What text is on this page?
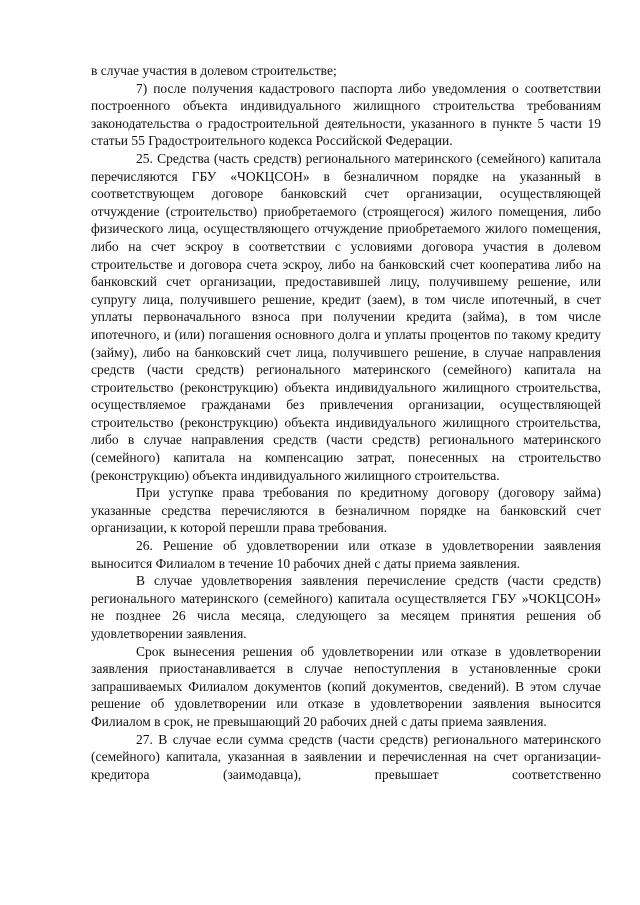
в случае участия в долевом строительстве;

7) после получения кадастрового паспорта либо уведомления о соответствии построенного объекта индивидуального жилищного строительства требованиям законодательства о градостроительной деятельности, указанного в пункте 5 части 19 статьи 55 Градостроительного кодекса Российской Федерации.

25. Средства (часть средств) регионального материнского (семейного) капитала перечисляются ГБУ «ЧОКЦСОН» в безналичном порядке на указанный в соответствующем договоре банковский счет организации, осуществляющей отчуждение (строительство) приобретаемого (строящегося) жилого помещения, либо физического лица, осуществляющего отчуждение приобретаемого жилого помещения, либо на счет эскроу в соответствии с условиями договора участия в долевом строительстве и договора счета эскроу, либо на банковский счет кооператива либо на банковский счет организации, предоставившей лицу, получившему решение, или супругу лица, получившего решение, кредит (заем), в том числе ипотечный, в счет уплаты первоначального взноса при получении кредита (займа), в том числе ипотечного, и (или) погашения основного долга и уплаты процентов по такому кредиту (займу), либо на банковский счет лица, получившего решение, в случае направления средств (части средств) регионального материнского (семейного) капитала на строительство (реконструкцию) объекта индивидуального жилищного строительства, осуществляемое гражданами без привлечения организации, осуществляющей строительство (реконструкцию) объекта индивидуального жилищного строительства, либо в случае направления средств (части средств) регионального материнского (семейного) капитала на компенсацию затрат, понесенных на строительство (реконструкцию) объекта индивидуального жилищного строительства.

При уступке права требования по кредитному договору (договору займа) указанные средства перечисляются в безналичном порядке на банковский счет организации, к которой перешли права требования.

26. Решение об удовлетворении или отказе в удовлетворении заявления выносится Филиалом в течение 10 рабочих дней с даты приема заявления.

В случае удовлетворения заявления перечисление средств (части средств) регионального материнского (семейного) капитала осуществляется ГБУ »ЧОКЦСОН» не позднее 26 числа месяца, следующего за месяцем принятия решения об удовлетворении заявления.

Срок вынесения решения об удовлетворении или отказе в удовлетворении заявления приостанавливается в случае непоступления в установленные сроки запрашиваемых Филиалом документов (копий документов, сведений). В этом случае решение об удовлетворении или отказе в удовлетворении заявления выносится Филиалом в срок, не превышающий 20 рабочих дней с даты приема заявления.

27. В случае если сумма средств (части средств) регионального материнского (семейного) капитала, указанная в заявлении и перечисленная на счет организации-кредитора (заимодавца), превышает соответственно
